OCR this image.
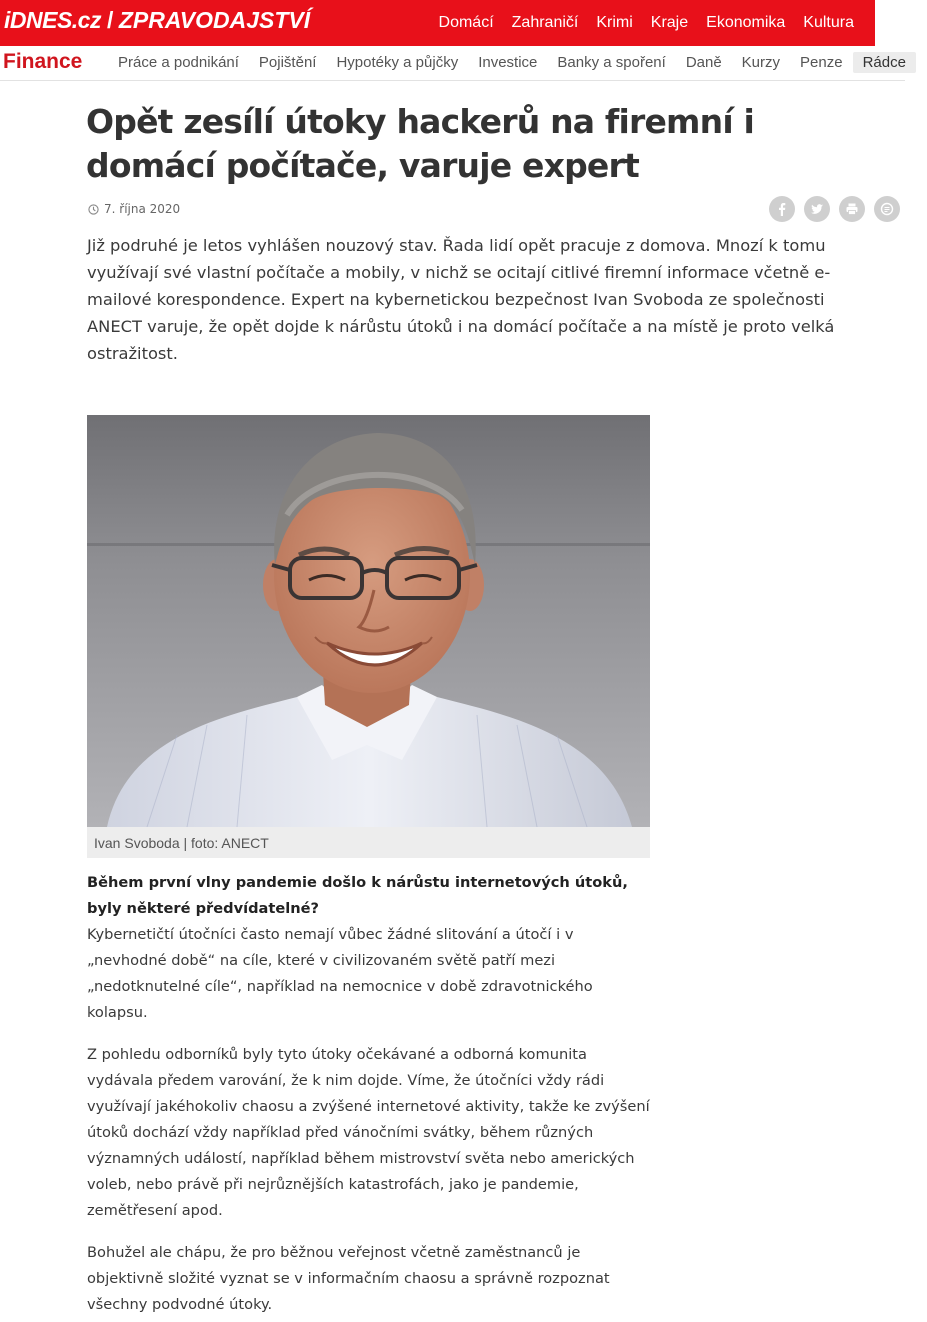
iDNES.cz / ZPRAVODAJSTVÍ	Domácí	Zahraničí	Krimi	Kraje	Ekonomika	Kultura
Finance	Práce a podnikání	Pojištění	Hypotéky a půjčky	Investice	Banky a spoření	Daně	Kurzy	Penze	Rádce
Opět zesílí útoky hackerů na firemní i domácí počítače, varuje expert
7. října 2020

Již podruhé je letos vyhlášen nouzový stav. Řada lidí opět pracuje z domova. Mnozí k tomu využívají své vlastní počítače a mobily, v nichž se ocitají citlivé firemní informace včetně e-mailové korespondence. Expert na kybernetickou bezpečnost Ivan Svoboda ze společnosti ANECT varuje, že opět dojde k nárůstu útoků i na domácí počítače a na místě je proto velká ostražitost.

Ivan Svoboda | foto: ANECT

Během první vlny pandemie došlo k nárůstu internetových útoků, byly některé předvídatelné?

Kybernetičtí útočníci často nemají vůbec žádné slitování a útočí i v „nevhodné době“ na cíle, které v civilizovaném světě patří mezi „nedotknutelné cíle“, například na nemocnice v době zdravotnického kolapsu.

Z pohledu odborníků byly tyto útoky očekávané a odborná komunita vydávala předem varování, že k nim dojde. Víme, že útočníci vždy rádi využívají jakéhokoliv chaosu a zvýšené internetové aktivity, takže ke zvýšení útoků dochází vždy například před vánočními svátky, během různých významných událostí, například během mistrovství světa nebo amerických voleb, nebo právě při nejrůznějších katastrofách, jako je pandemie, zemětřesení apod.

Bohužel ale chápu, že pro běžnou veřejnost včetně zaměstnanců je objektivně složité vyznat se v informačním chaosu a správně rozpoznat všechny podvodné útoky.
